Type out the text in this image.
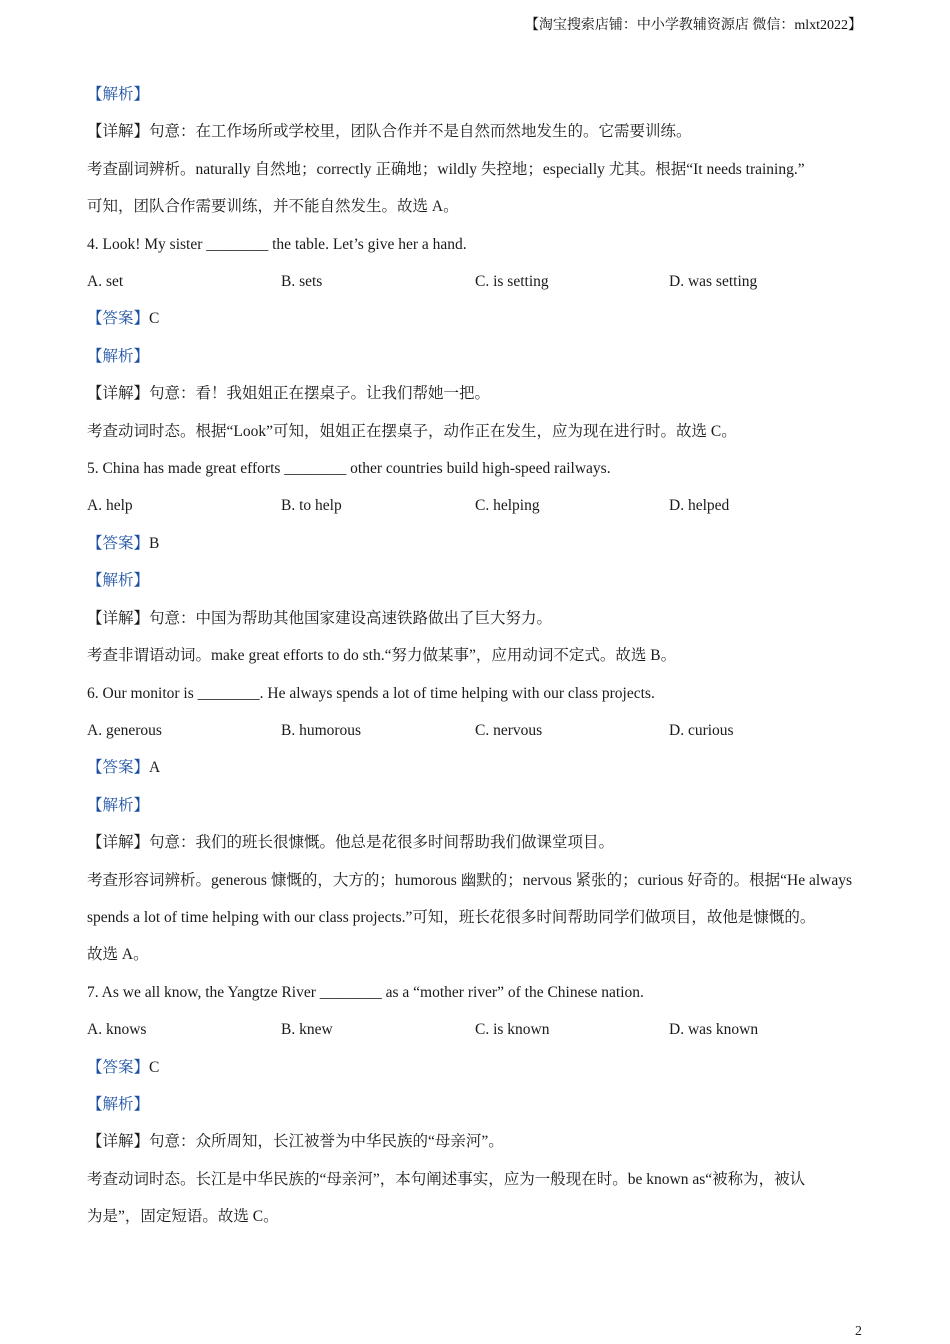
【淘宝搜索店铺：中小学教辅资源店 微信：mlxt2022】
【解析】
【详解】句意：在工作场所或学校里，团队合作并不是自然而然地发生的。它需要训练。
考查副词辨析。naturally 自然地；correctly 正确地；wildly 失控地；especially 尤其。根据“It needs training.”
可知，团队合作需要训练，并不能自然发生。故选 A。
4. Look! My sister ________ the table. Let’s give her a hand.
A. set	B. sets	C. is setting	D. was setting
【答案】C
【解析】
【详解】句意：看！我姐姐正在摆桌子。让我们帮她一把。
考查动词时态。根据“Look”可知，姐姐正在摆桌子，动作正在发生，应为现在进行时。故选 C。
5. China has made great efforts ________ other countries build high-speed railways.
A. help	B. to help	C. helping	D. helped
【答案】B
【解析】
【详解】句意：中国为帮助其他国家建设高速铁路做出了巨大努力。
考查非谓语动词。make great efforts to do sth.“努力做某事”，应用动词不定式。故选 B。
6. Our monitor is ________. He always spends a lot of time helping with our class projects.
A. generous	B. humorous	C. nervous	D. curious
【答案】A
【解析】
【详解】句意：我们的班长很慷慨。他总是花很多时间帮助我们做课堂项目。
考查形容词辨析。generous 慷慨的，大方的；humorous 幽默的；nervous 紧张的；curious 好奇的。根据“He always
spends a lot of time helping with our class projects.”可知，班长花很多时间帮助同学们做项目，故他是慷慨的。
故选 A。
7. As we all know, the Yangtze River ________ as a “mother river” of the Chinese nation.
A. knows	B. knew	C. is known	D. was known
【答案】C
【解析】
【详解】句意：众所周知，长江被誉为中华民族的“母亲河”。
考查动词时态。长江是中华民族的“母亲河”，本句阐述事实，应为一般现在时。be known as“被称为，被认
为是”，固定短语。故选 C。
2
